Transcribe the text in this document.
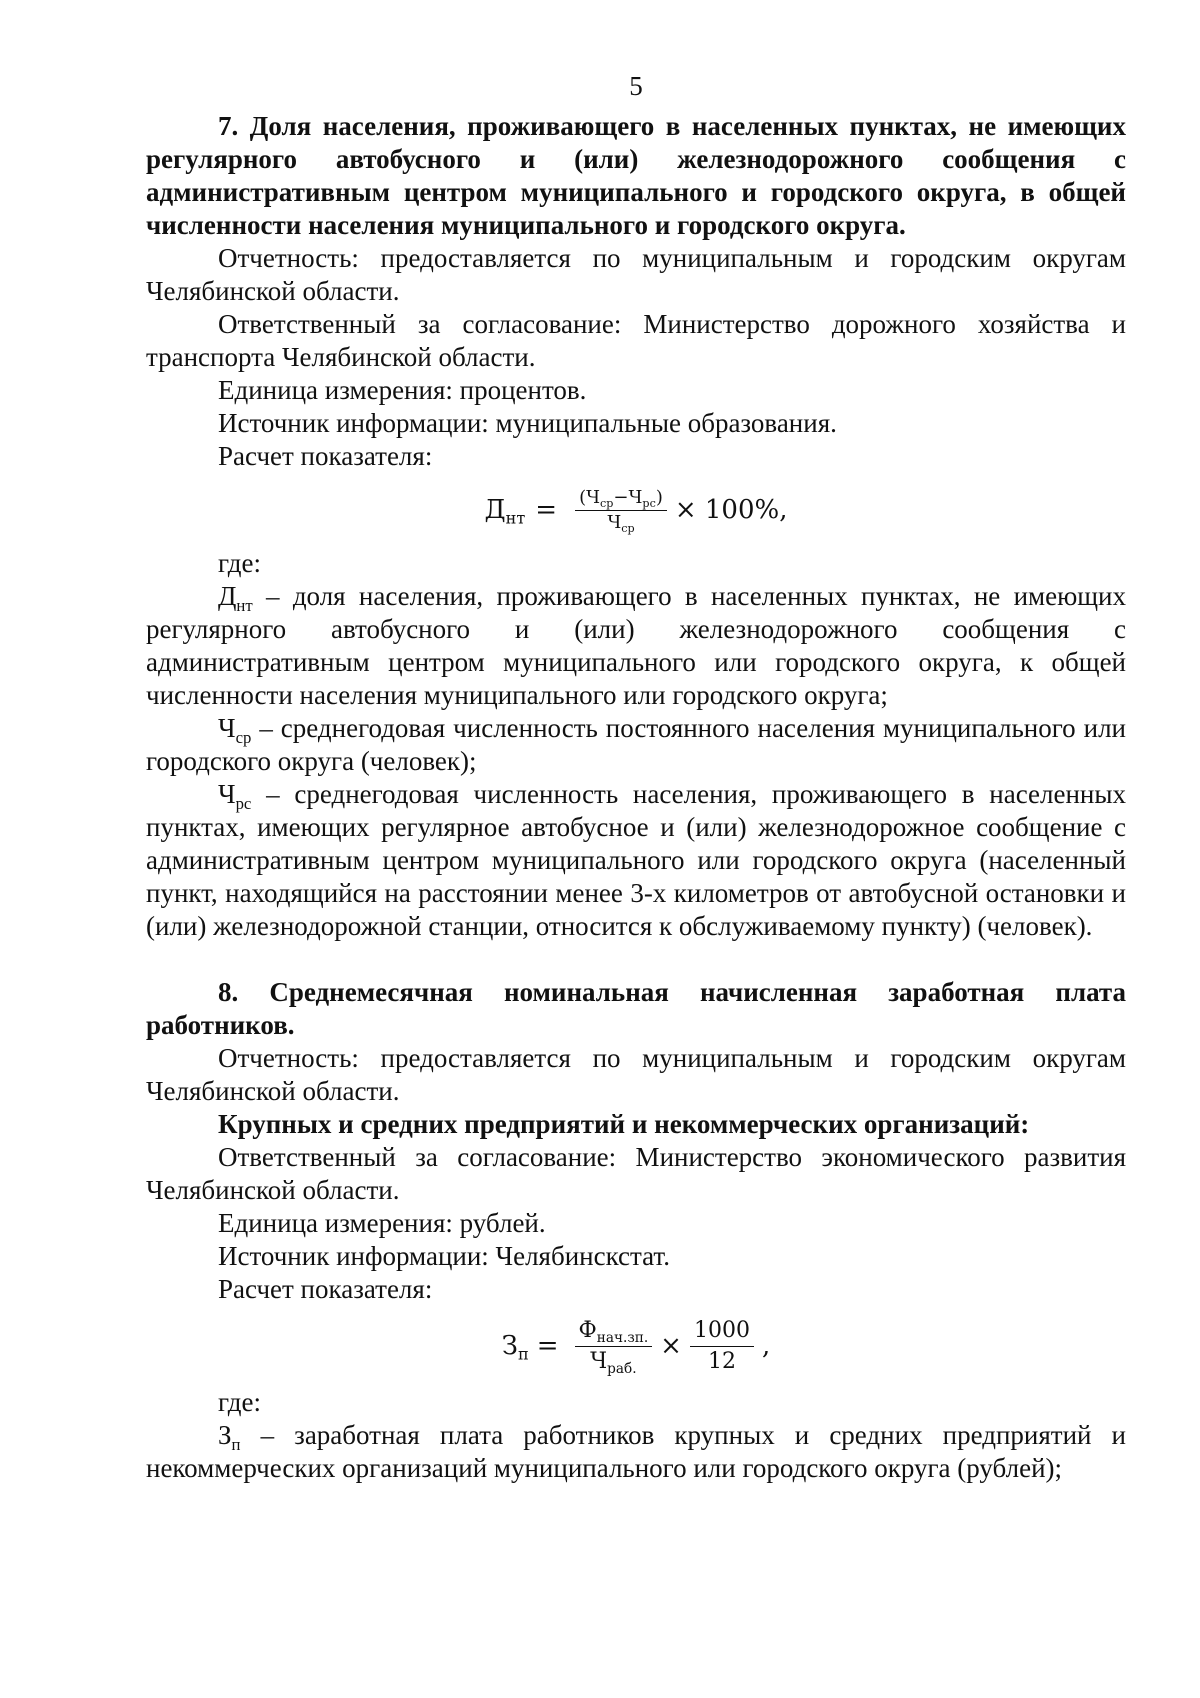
5

7. Доля населения, проживающего в населенных пунктах, не имеющих регулярного автобусного и (или) железнодорожного сообщения с административным центром муниципального и городского округа, в общей численности населения муниципального и городского округа.

Отчетность: предоставляется по муниципальным и городским округам Челябинской области.

Ответственный за согласование: Министерство дорожного хозяйства и транспорта Челябинской области.

Единица измерения: процентов.

Источник информации: муниципальные образования.

Расчет показателя:

$Д_{нт} = \frac{(Ч_{ср}-Ч_{рс})}{Ч_{ср}} \times 100\%$,

где:

$Д_{нт}$ – доля населения, проживающего в населенных пунктах, не имеющих регулярного автобусного и (или) железнодорожного сообщения с административным центром муниципального или городского округа, к общей численности населения муниципального или городского округа;

$Ч_{ср}$ – среднегодовая численность постоянного населения муниципального или городского округа (человек);

$Ч_{рс}$ – среднегодовая численность населения, проживающего в населенных пунктах, имеющих регулярное автобусное и (или) железнодорожное сообщение с административным центром муниципального или городского округа (населенный пункт, находящийся на расстоянии менее 3-х километров от автобусной остановки и (или) железнодорожной станции, относится к обслуживаемому пункту) (человек).

8. Среднемесячная номинальная начисленная заработная плата работников.

Отчетность: предоставляется по муниципальным и городским округам Челябинской области.

Крупных и средних предприятий и некоммерческих организаций:

Ответственный за согласование: Министерство экономического развития Челябинской области.

Единица измерения: рублей.

Источник информации: Челябинскстат.

Расчет показателя:

$З_п = \frac{Ф_{нач.зп.}}{Ч_{раб.}} \times \frac{1000}{12}$ ,

где:

$З_п$ – заработная плата работников крупных и средних предприятий и некоммерческих организаций муниципального или городского округа (рублей);
